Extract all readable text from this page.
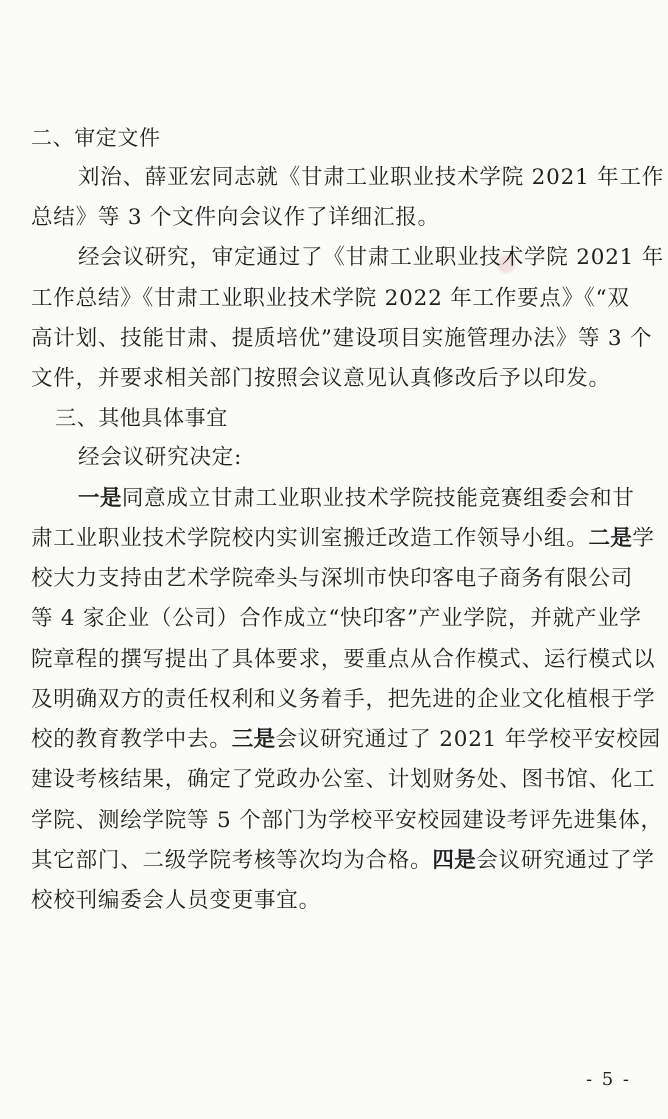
二、审定文件
刘治、薛亚宏同志就《甘肃工业职业技术学院 2021 年工作
总结》等 3 个文件向会议作了详细汇报。
经会议研究，审定通过了《甘肃工业职业技术学院 2021 年
工作总结》《甘肃工业职业技术学院 2022 年工作要点》《“双
高计划、技能甘肃、提质培优”建设项目实施管理办法》等 3 个
文件，并要求相关部门按照会议意见认真修改后予以印发。
三、其他具体事宜
经会议研究决定:
一是同意成立甘肃工业职业技术学院技能竞赛组委会和甘
肃工业职业技术学院校内实训室搬迁改造工作领导小组。二是学
校大力支持由艺术学院牵头与深圳市快印客电子商务有限公司
等 4 家企业（公司）合作成立“快印客”产业学院，并就产业学
院章程的撰写提出了具体要求，要重点从合作模式、运行模式以
及明确双方的责任权利和义务着手，把先进的企业文化植根于学
校的教育教学中去。三是会议研究通过了 2021 年学校平安校园
建设考核结果，确定了党政办公室、计划财务处、图书馆、化工
学院、测绘学院等 5 个部门为学校平安校园建设考评先进集体，
其它部门、二级学院考核等次均为合格。四是会议研究通过了学
校校刊编委会人员变更事宜。
- 5 -
